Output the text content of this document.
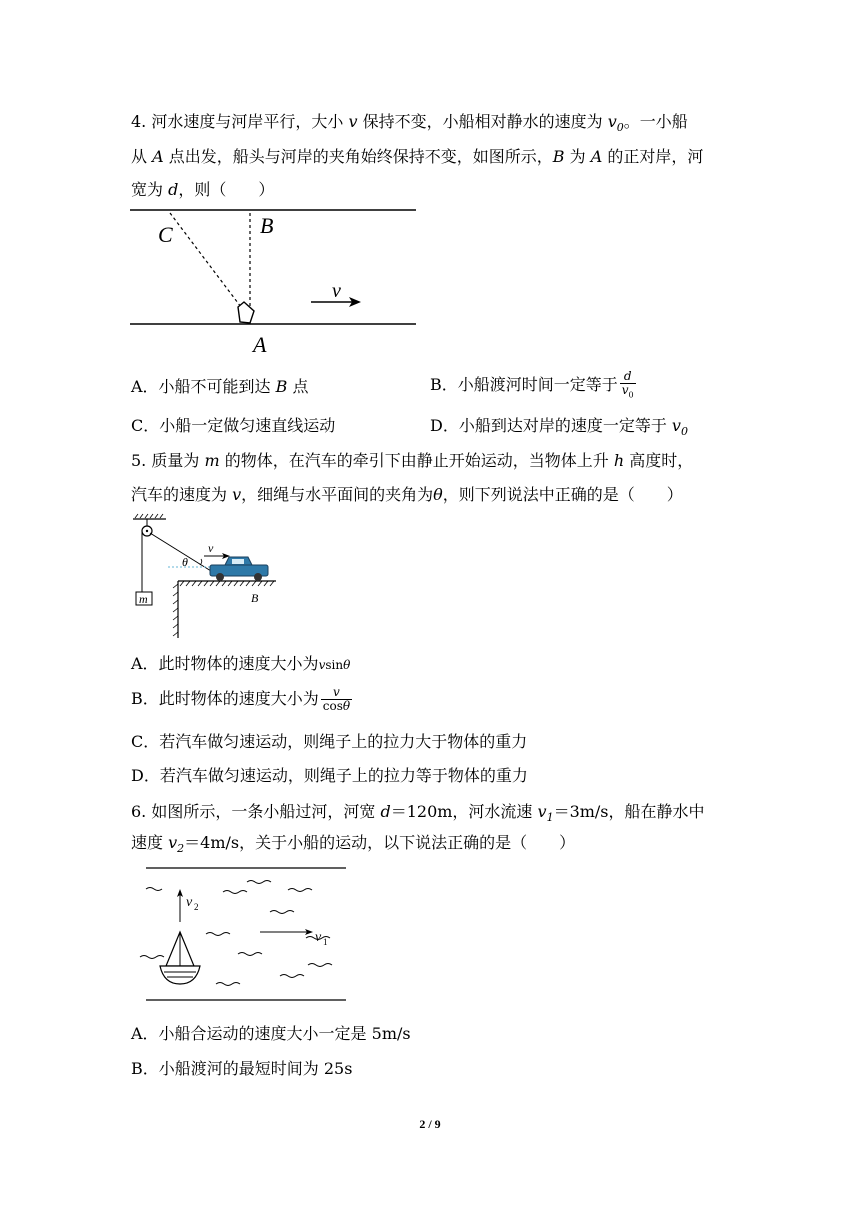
4. 河水速度与河岸平行，大小 v 保持不变，小船相对静水的速度为 $v_0$。一小船
从 A 点出发，船头与河岸的夹角始终保持不变，如图所示，B 为 A 的正对岸，河
宽为 d，则（　　）
C	B
A
v
A．小船不可能到达 B 点	B．小船渡河时间一定等于 $\frac{d}{v_0}$
C．小船一定做匀速直线运动	D．小船到达对岸的速度一定等于 $v_0$
5. 质量为 m 的物体，在汽车的牵引下由静止开始运动，当物体上升 h 高度时，
汽车的速度为 v，细绳与水平面间的夹角为θ，则下列说法中正确的是（　　）
m
v
θ
B
A．此时物体的速度大小为vsinθ
B．此时物体的速度大小为 $\frac{v}{\cos\theta}$
C．若汽车做匀速运动，则绳子上的拉力大于物体的重力
D．若汽车做匀速运动，则绳子上的拉力等于物体的重力
6. 如图所示，一条小船过河，河宽 d＝120m，河水流速 $v_1=3m/s$，船在静水中
速度 $v_2=4m/s$，关于小船的运动，以下说法正确的是（　　）
v 2
v 1
A．小船合运动的速度大小一定是 5m/s
B．小船渡河的最短时间为 25s
2 / 9
